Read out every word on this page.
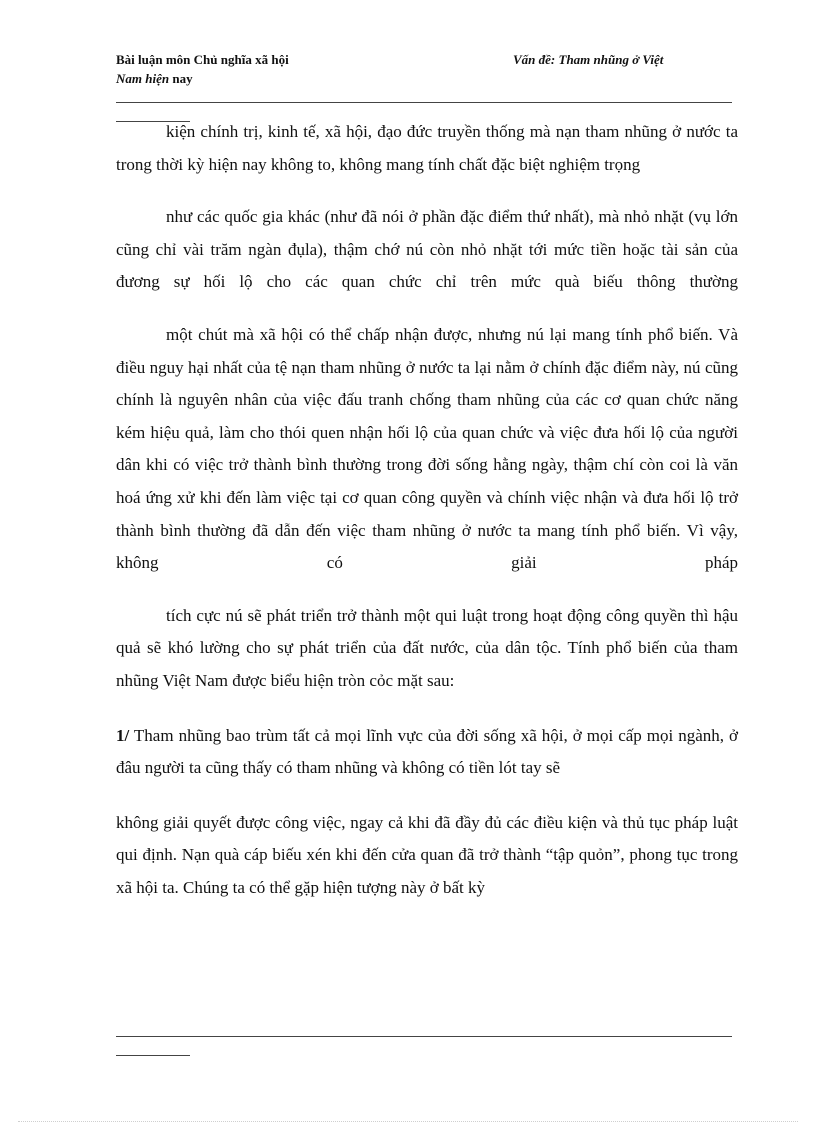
Bài luận môn Chủ nghĩa xã hội
Nam hiện nay
Vấn đề: Tham nhũng ở Việt

kiện chính trị, kinh tế, xã hội, đạo đức truyền thống mà nạn tham nhũng ở nước ta trong thời kỳ hiện nay không to, không mang tính chất đặc biệt nghiệm trọng

như các quốc gia khác (như đã nói ở phần đặc điểm thứ nhất), mà nhỏ nhặt (vụ lớn cũng chỉ vài trăm ngàn đụla), thậm chớ nú còn nhỏ nhặt tới mức tiền hoặc tài sản của đương sự hối lộ cho các quan chức chỉ trên mức quà biếu thông thường

một chút mà xã hội có thể chấp nhận được, nhưng nú lại mang tính phổ biến. Và điều nguy hại nhất của tệ nạn tham nhũng ở nước ta lại nằm ở chính đặc điểm này, nú cũng chính là nguyên nhân của việc đấu tranh chống tham nhũng của các cơ quan chức năng kém hiệu quả, làm cho thói quen nhận hối lộ của quan chức và việc đưa hối lộ của người dân khi có việc trở thành bình thường trong đời sống hằng ngày, thậm chí còn coi là văn hoá ứng xử khi đến làm việc tại cơ quan công quyền và chính việc nhận và đưa hối lộ trở thành bình thường đã dẫn đến việc tham nhũng ở nước ta mang tính phổ biến. Vì vậy, không có giải pháp

tích cực nú sẽ phát triển trở thành một qui luật trong hoạt động công quyền thì hậu quả sẽ khó lường cho sự phát triển của đất nước, của dân tộc. Tính phổ biến của tham nhũng Việt Nam được biểu hiện tròn cỏc mặt sau:

1/ Tham nhũng bao trùm tất cả mọi lĩnh vực của đời sống xã hội, ở mọi cấp mọi ngành, ở đâu người ta cũng thấy có tham nhũng và không có tiền lót tay sẽ

không giải quyết được công việc, ngay cả khi đã đầy đủ các điều kiện và thủ tục pháp luật qui định. Nạn quà cáp biếu xén khi đến cửa quan đã trở thành “tập quỏn”, phong tục trong xã hội ta. Chúng ta có thể gặp hiện tượng này ở bất kỳ
